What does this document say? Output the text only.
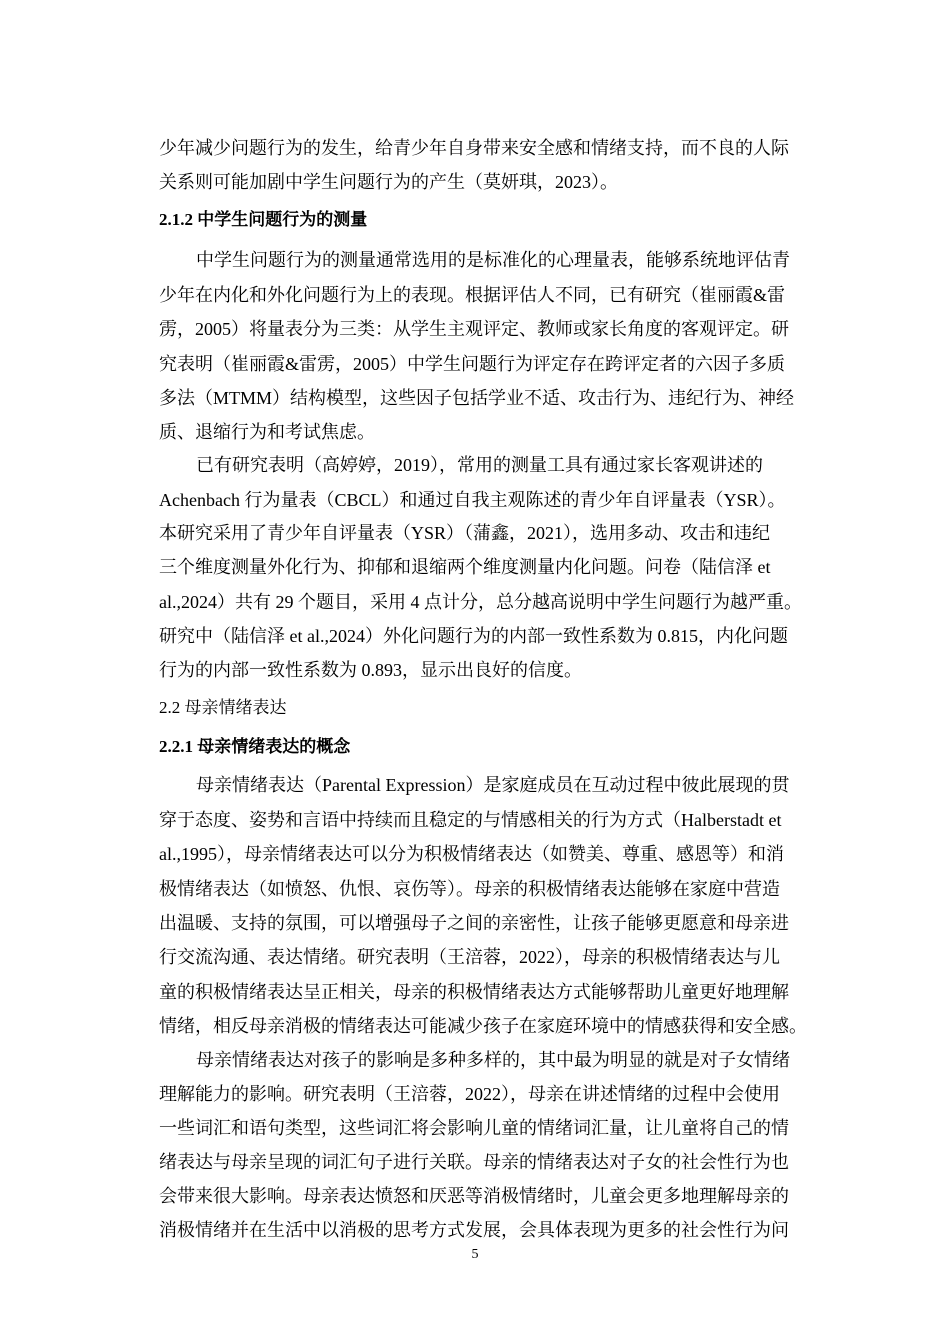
少年减少问题行为的发生，给青少年自身带来安全感和情绪支持，而不良的人际

关系则可能加剧中学生问题行为的产生（莫妍琪，2023）。

2.1.2 中学生问题行为的测量

中学生问题行为的测量通常选用的是标准化的心理量表，能够系统地评估青

少年在内化和外化问题行为上的表现。根据评估人不同，已有研究（崔丽霞&雷

雳，2005）将量表分为三类：从学生主观评定、教师或家长角度的客观评定。研

究表明（崔丽霞&雷雳，2005）中学生问题行为评定存在跨评定者的六因子多质

多法（MTMM）结构模型，这些因子包括学业不适、攻击行为、违纪行为、神经

质、退缩行为和考试焦虑。

已有研究表明（高婷婷，2019），常用的测量工具有通过家长客观讲述的

Achenbach 行为量表（CBCL）和通过自我主观陈述的青少年自评量表（YSR）。

本研究采用了青少年自评量表（YSR）（蒲鑫，2021），选用多动、攻击和违纪

三个维度测量外化行为、抑郁和退缩两个维度测量内化问题。问卷（陆信泽 et

al.,2024）共有 29 个题目，采用 4 点计分，总分越高说明中学生问题行为越严重。

研究中（陆信泽 et al.,2024）外化问题行为的内部一致性系数为 0.815，内化问题

行为的内部一致性系数为 0.893，显示出良好的信度。

2.2 母亲情绪表达

2.2.1 母亲情绪表达的概念

母亲情绪表达（Parental Expression）是家庭成员在互动过程中彼此展现的贯

穿于态度、姿势和言语中持续而且稳定的与情感相关的行为方式（Halberstadt et

al.,1995），母亲情绪表达可以分为积极情绪表达（如赞美、尊重、感恩等）和消

极情绪表达（如愤怒、仇恨、哀伤等）。母亲的积极情绪表达能够在家庭中营造

出温暖、支持的氛围，可以增强母子之间的亲密性，让孩子能够更愿意和母亲进

行交流沟通、表达情绪。研究表明（王涪蓉，2022），母亲的积极情绪表达与儿

童的积极情绪表达呈正相关，母亲的积极情绪表达方式能够帮助儿童更好地理解

情绪，相反母亲消极的情绪表达可能减少孩子在家庭环境中的情感获得和安全感。

母亲情绪表达对孩子的影响是多种多样的，其中最为明显的就是对子女情绪

理解能力的影响。研究表明（王涪蓉，2022），母亲在讲述情绪的过程中会使用

一些词汇和语句类型，这些词汇将会影响儿童的情绪词汇量，让儿童将自己的情

绪表达与母亲呈现的词汇句子进行关联。母亲的情绪表达对子女的社会性行为也

会带来很大影响。母亲表达愤怒和厌恶等消极情绪时，儿童会更多地理解母亲的

消极情绪并在生活中以消极的思考方式发展，会具体表现为更多的社会性行为问

5
